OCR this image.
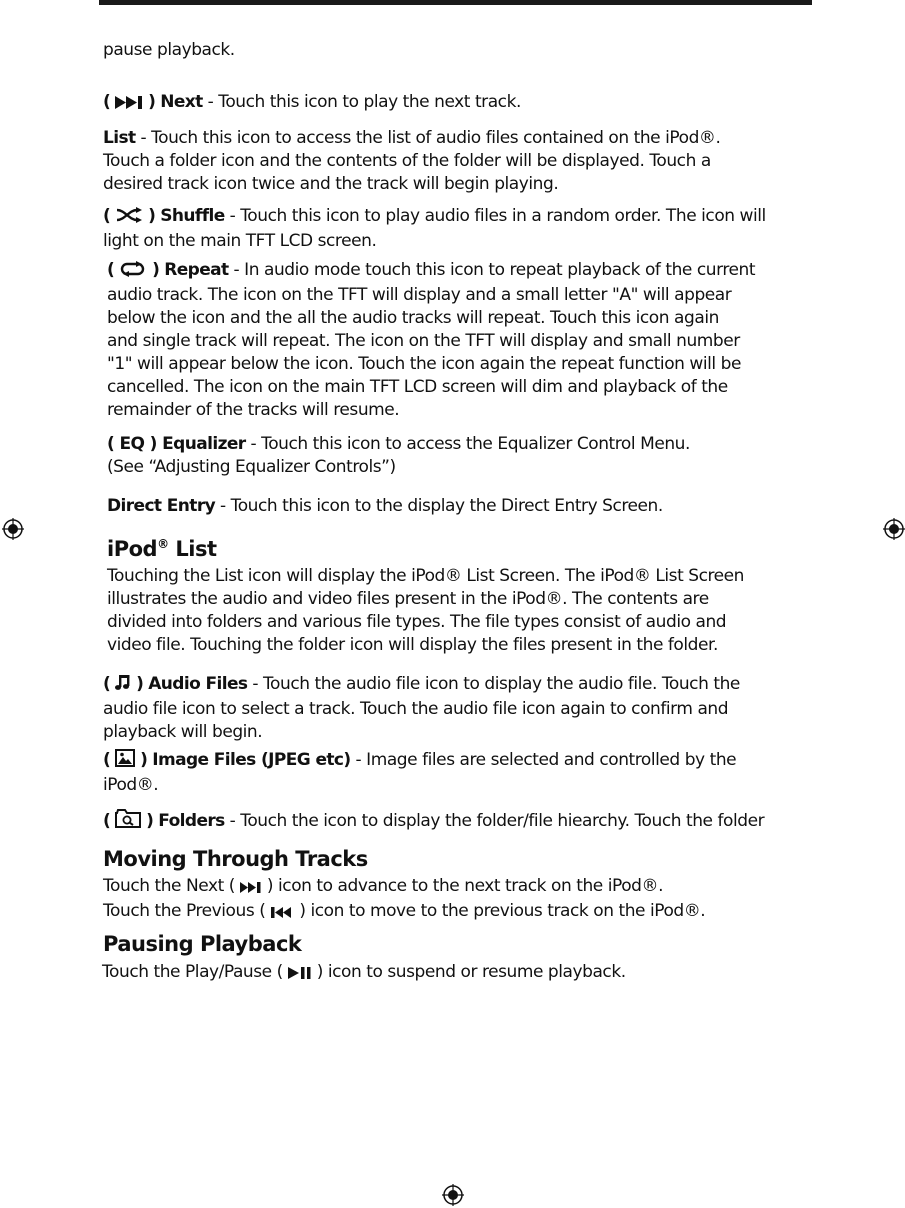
pause playback.
( ) Next - Touch this icon to play the next track.
List - Touch this icon to access the list of audio files contained on the iPod®.
Touch a folder icon and the contents of the folder will be displayed. Touch a
desired track icon twice and the track will begin playing.
( ) Shuffle - Touch this icon to play audio files in a random order. The icon will
light on the main TFT LCD screen.
( ) Repeat - In audio mode touch this icon to repeat playback of the current
audio track. The icon on the TFT will display and a small letter "A" will appear
below the icon and the all the audio tracks will repeat. Touch this icon again
and single track will repeat. The icon on the TFT will display and small number
"1" will appear below the icon. Touch the icon again the repeat function will be
cancelled. The icon on the main TFT LCD screen will dim and playback of the
remainder of the tracks will resume.
( EQ ) Equalizer - Touch this icon to access the Equalizer Control Menu.
(See “Adjusting Equalizer Controls”)
Direct Entry - Touch this icon to the display the Direct Entry Screen.
iPod® List
Touching the List icon will display the iPod® List Screen. The iPod® List Screen
illustrates the audio and video files present in the iPod®. The contents are
divided into folders and various file types. The file types consist of audio and
video file. Touching the folder icon will display the files present in the folder.
( ) Audio Files - Touch the audio file icon to display the audio file. Touch the
audio file icon to select a track. Touch the audio file icon again to confirm and
playback will begin.
( ) Image Files (JPEG etc) - Image files are selected and controlled by the
iPod®.
( ) Folders - Touch the icon to display the folder/file hiearchy. Touch the folder
Moving Through Tracks
Touch the Next ( ) icon to advance to the next track on the iPod®.
Touch the Previous ( ) icon to move to the previous track on the iPod®.
Pausing Playback
Touch the Play/Pause ( ) icon to suspend or resume playback.
